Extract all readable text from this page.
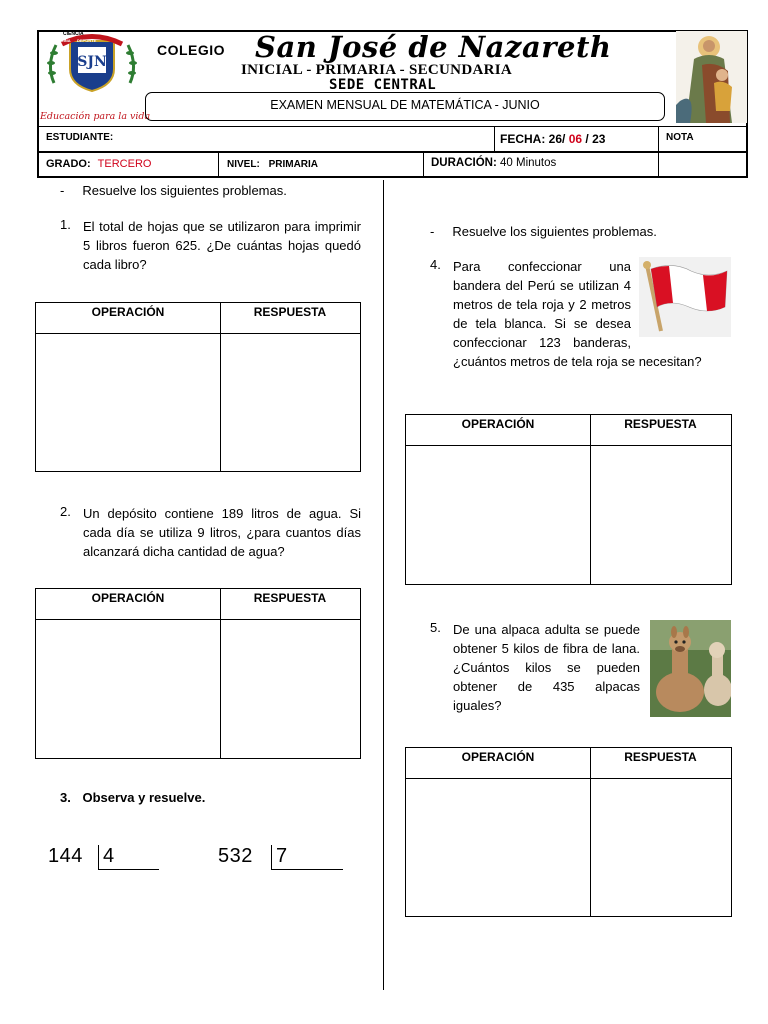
SJN
CIENCIA
DISCIPLINA DEPORTE
Educación para la vida
COLEGIO San José de Nazareth
INICIAL - PRIMARIA - SECUNDARIA
SEDE CENTRAL
EXAMEN MENSUAL DE MATEMÁTICA - JUNIO
ESTUDIANTE:	FECHA: 26/ 06 / 23	NOTA
GRADO: TERCERO	NIVEL: PRIMARIA	DURACIÓN: 40 Minutos
- Resuelve los siguientes problemas.
1. El total de hojas que se utilizaron para imprimir 5 libros fueron 625. ¿De cuántas hojas quedó cada libro?
OPERACIÓN	RESPUESTA
2. Un depósito contiene 189 litros de agua. Si cada día se utiliza 9 litros, ¿para cuantos días alcanzará dicha cantidad de agua?
OPERACIÓN	RESPUESTA
3. Observa y resuelve.
144 4	532 7
- Resuelve los siguientes problemas.
4. Para confeccionar una bandera del Perú se utilizan 4 metros de tela roja y 2 metros de tela blanca. Si se desea confeccionar 123 banderas, ¿cuántos metros de tela roja se necesitan?
OPERACIÓN	RESPUESTA
5. De una alpaca adulta se puede obtener 5 kilos de fibra de lana. ¿Cuántos kilos se pueden obtener de 435 alpacas iguales?
OPERACIÓN	RESPUESTA
